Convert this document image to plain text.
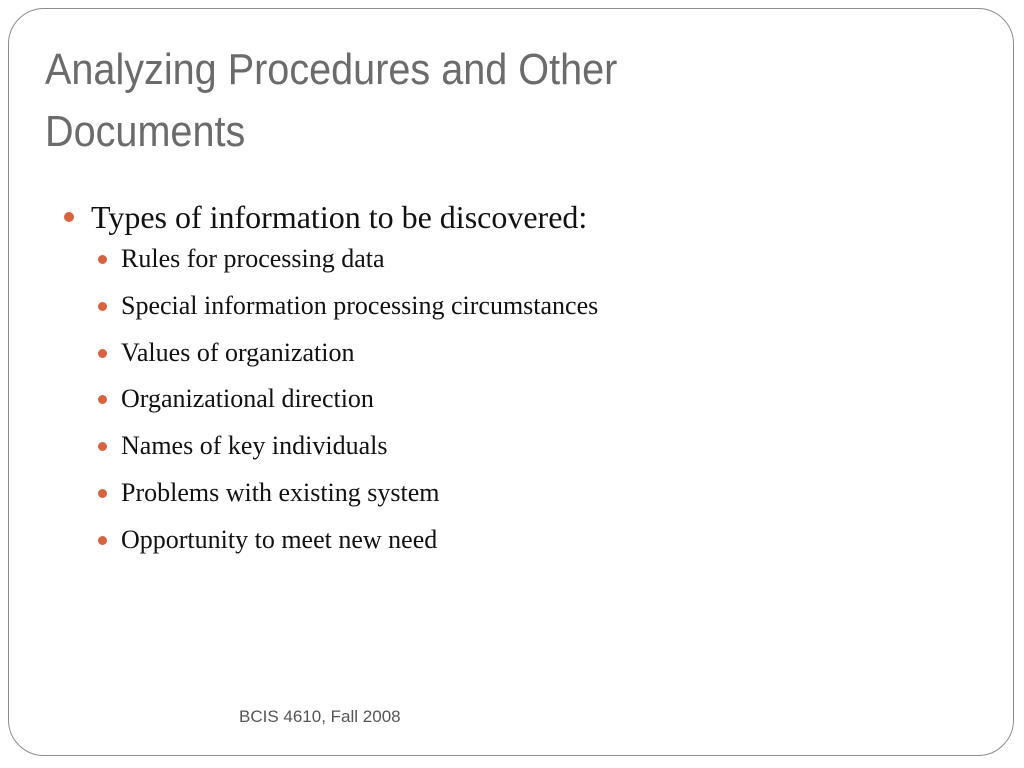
Analyzing Procedures and Other
Documents
Types of information to be discovered:
Rules for processing data
Special information processing circumstances
Values of organization
Organizational direction
Names of key individuals
Problems with existing system
Opportunity to meet new need
BCIS 4610, Fall 2008
